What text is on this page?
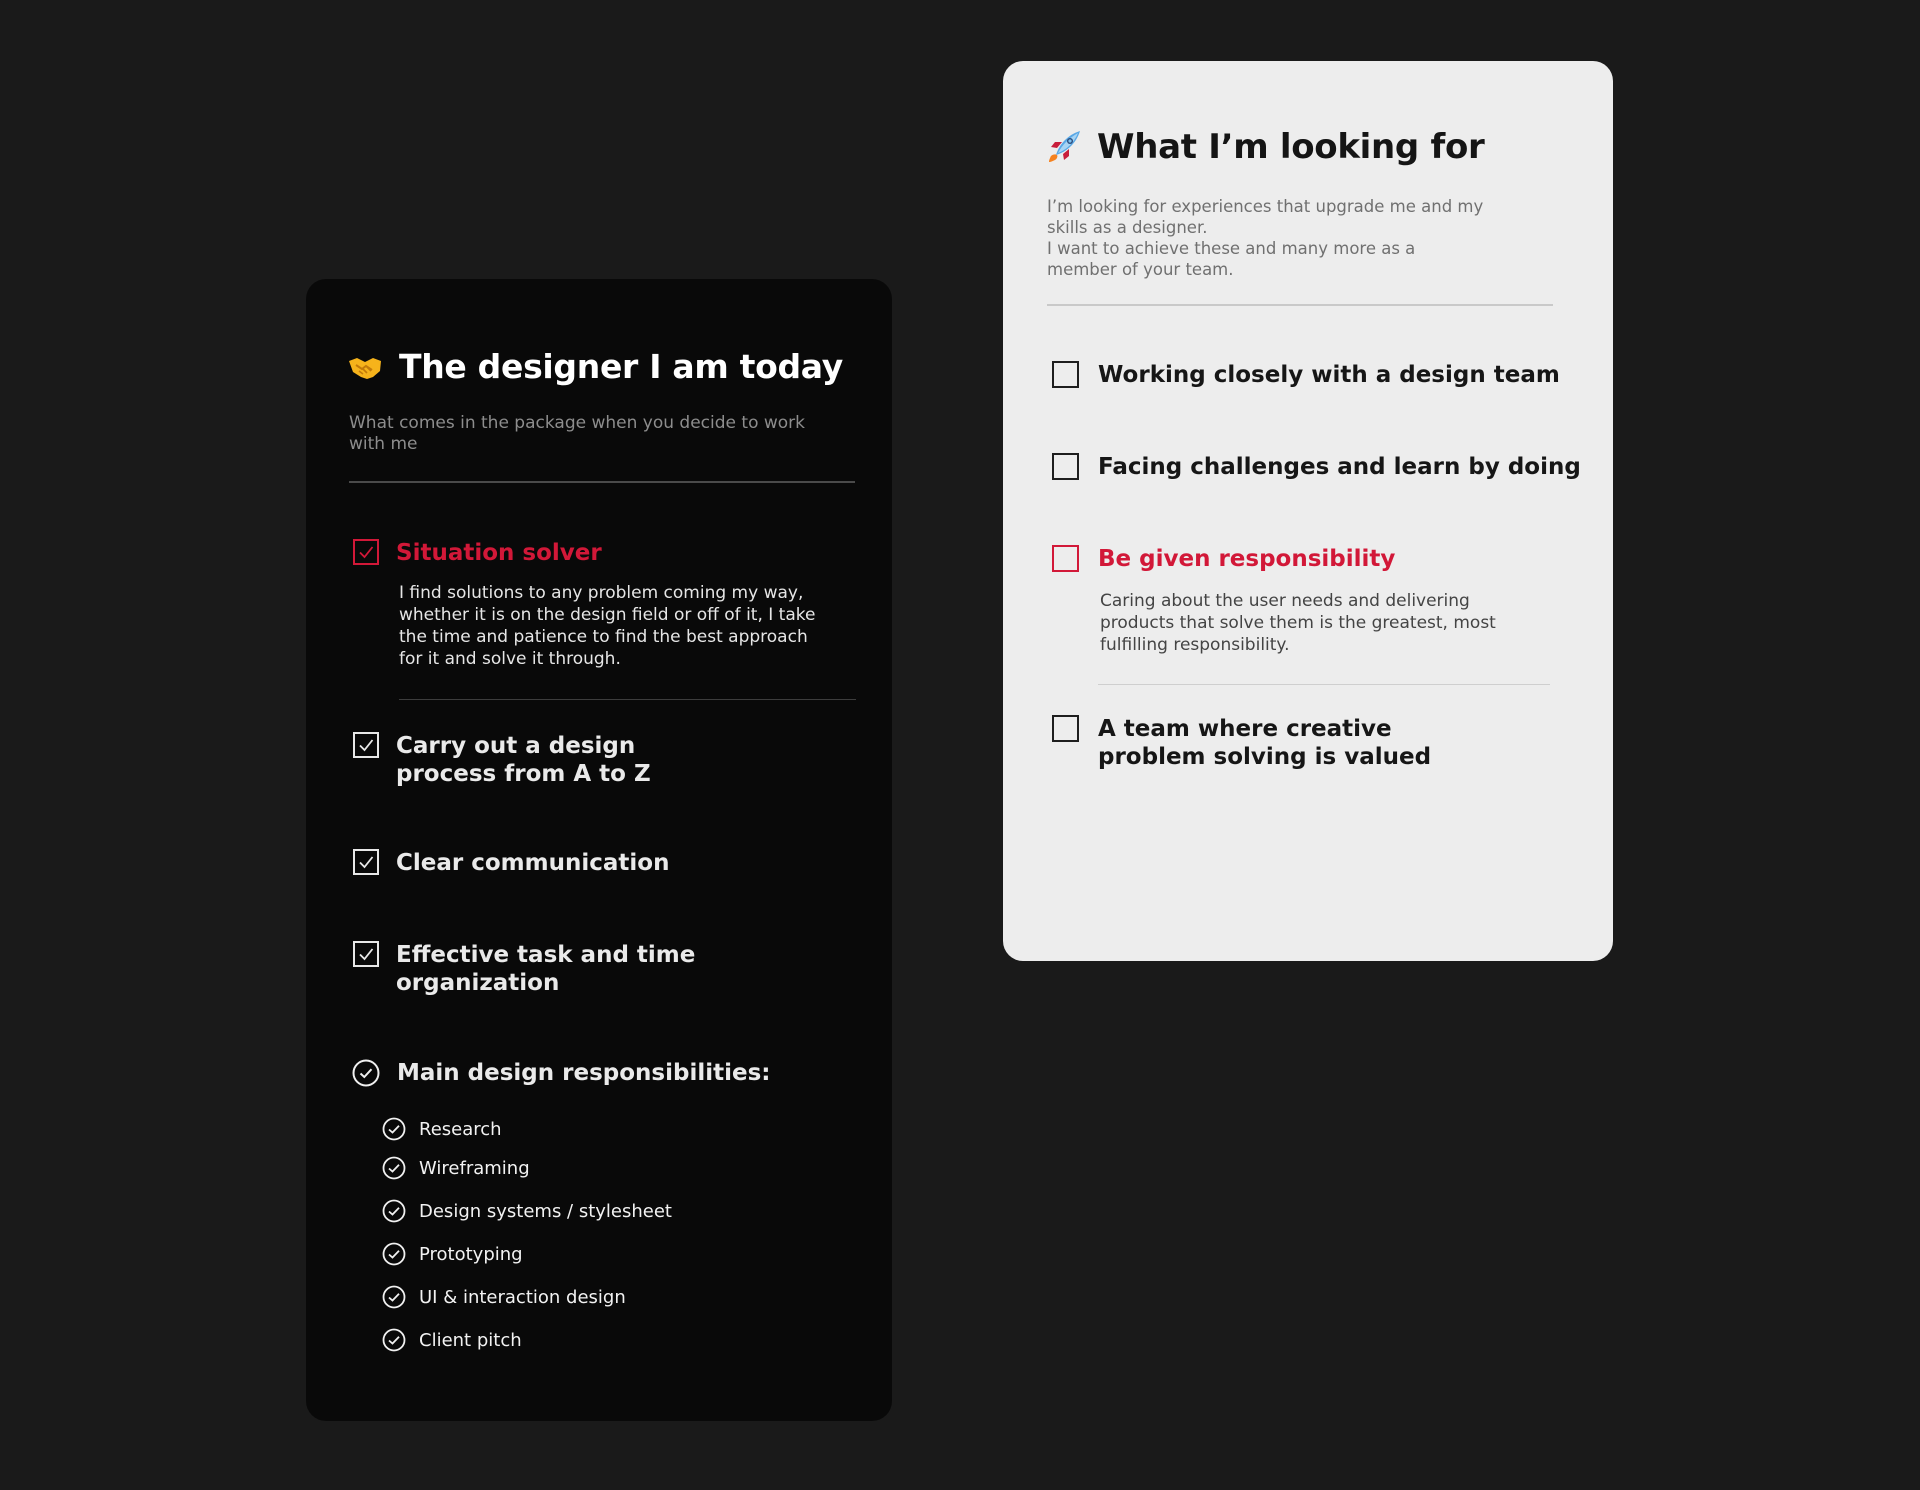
The designer I am today
What comes in the package when you decide to work with me
Situation solver
I find solutions to any problem coming my way, whether it is on the design field or off of it, I take the time and patience to find the best approach for it and solve it through.
Carry out a design process from A to Z
Clear communication
Effective task and time organization
Main design responsibilities:
Research
Wireframing
Design systems / stylesheet
Prototyping
UI & interaction design
Client pitch
What I’m looking for
I’m looking for experiences that upgrade me and my skills as a designer.
I want to achieve these and many more as a member of your team.
Working closely with a design team
Facing challenges and learn by doing
Be given responsibility
Caring about the user needs and delivering products that solve them is the greatest, most fulfilling responsibility.
A team where creative problem solving is valued
